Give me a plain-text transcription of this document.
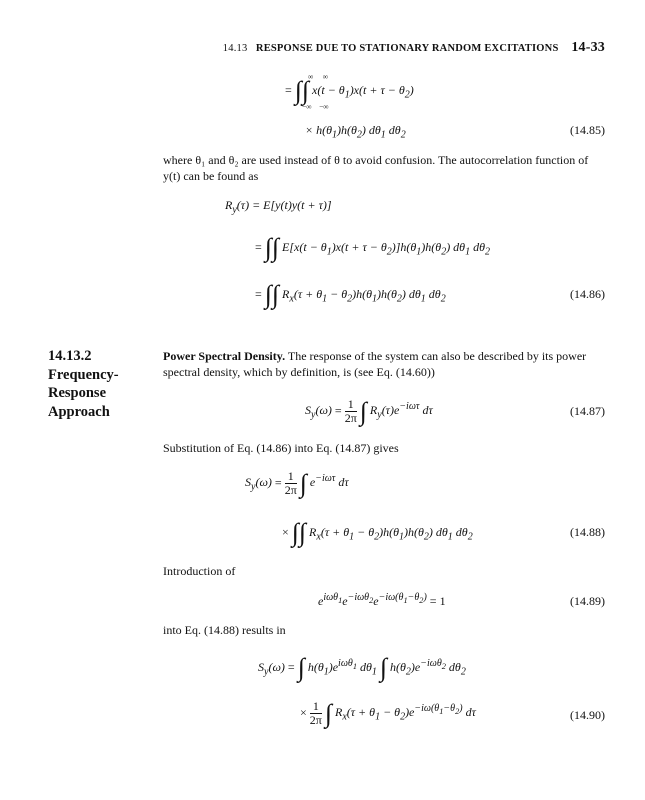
14.13 RESPONSE DUE TO STATIONARY RANDOM EXCITATIONS 14-33
= ∫∫ $x(t - \theta_1)x(t + \tau - \theta_2)$
∞     ∞
−∞    −∞
× $h(\theta_1)h(\theta_2)$ $d\theta_1$ $d\theta_2$	(14.85)
where θ₁ and θ₂ are used instead of θ to avoid confusion. The autocorrelation function of y(t) can be found as
$R_y(\tau) = E[y(t)y(t + \tau)]$
= ∫∫ $E[x(t - \theta_1)x(t + \tau - \theta_2)]h(\theta_1)h(\theta_2)$ $d\theta_1$ $d\theta_2$
= ∫∫ $R_x(\tau + \theta_1 - \theta_2)h(\theta_1)h(\theta_2)$ $d\theta_1$ $d\theta_2$	(14.86)
14.13.2
Frequency-
Response
Approach
Power Spectral Density. The response of the system can also be described by its power spectral density, which by definition, is (see Eq. (14.60))
$S_y(\omega) = \frac{1}{2\pi}$ ∫ $R_y(\tau)e^{-i\omega\tau}$ dτ	(14.87)
Substitution of Eq. (14.86) into Eq. (14.87) gives
$S_y(\omega) = \frac{1}{2\pi}$ ∫ $e^{-i\omega\tau}$ dτ
× ∫∫ $R_x(\tau + \theta_1 - \theta_2)h(\theta_1)h(\theta_2)$ $d\theta_1$ $d\theta_2$	(14.88)
Introduction of
$e^{i\omega\theta_1}e^{-i\omega\theta_2}e^{-i\omega(\theta_1-\theta_2)} = 1$	(14.89)
into Eq. (14.88) results in
$S_y(\omega)$ = ∫ $h(\theta_1)e^{i\omega\theta_1}$ $d\theta_1$ ∫ $h(\theta_2)e^{-i\omega\theta_2}$ $d\theta_2$
× $\frac{1}{2\pi}$ ∫ $R_x(\tau + \theta_1 - \theta_2)e^{-i\omega(\theta_1-\theta_2)}$ dτ	(14.90)
